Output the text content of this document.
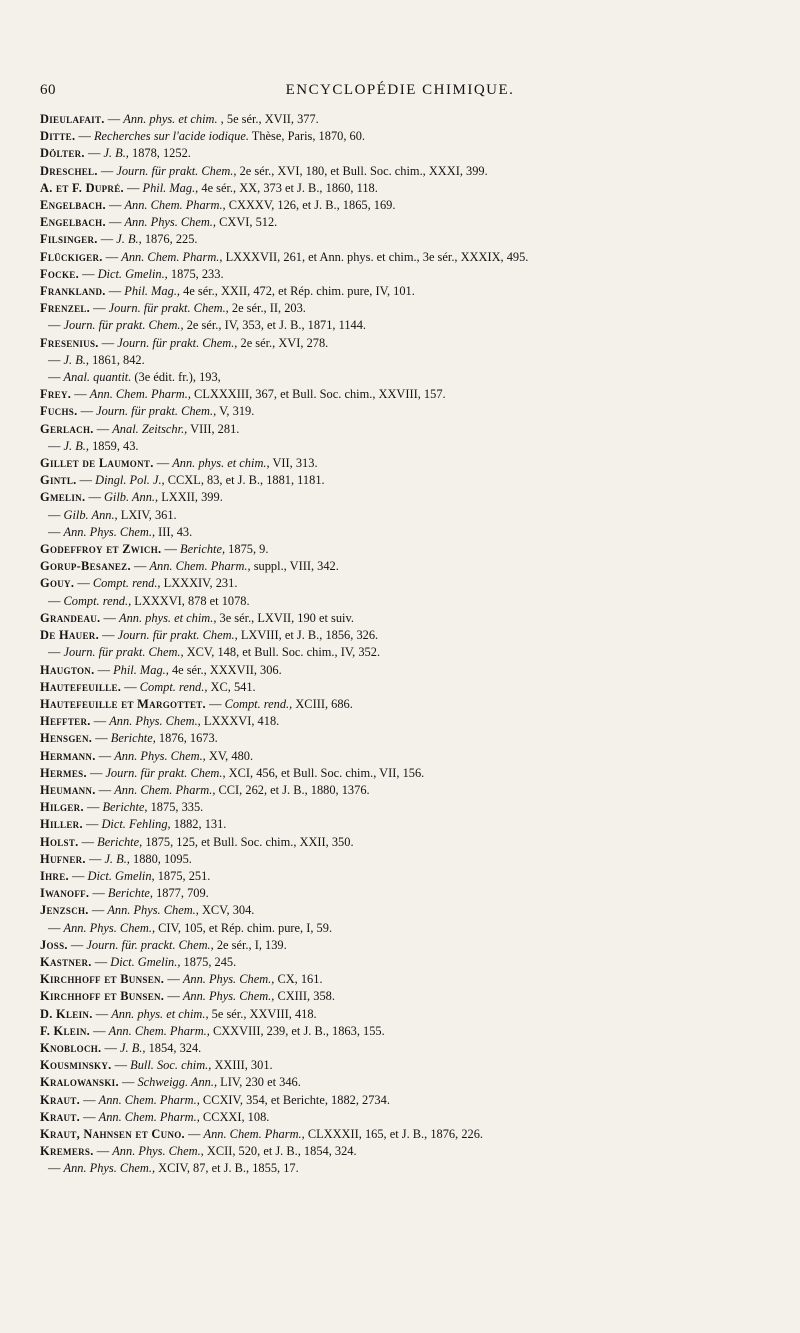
60	ENCYCLOPÉDIE CHIMIQUE.
Dieulafait. — Ann. phys. et chim. , 5e sér., XVII, 377.
Ditte. — Recherches sur l'acide iodique. Thèse, Paris, 1870, 60.
Dölter. — J. B., 1878, 1252.
Dreschel. — Journ. für prakt. Chem., 2e sér., XVI, 180, et Bull. Soc. chim., XXXI, 399.
A. et F. Dupré. — Phil. Mag., 4e sér., XX, 373 et J. B., 1860, 118.
Engelbach. — Ann. Chem. Pharm., CXXXV, 126, et J. B., 1865, 169.
Engelbach. — Ann. Phys. Chem., CXVI, 512.
Filsinger. — J. B., 1876, 225.
Flückiger. — Ann. Chem. Pharm., LXXXVII, 261, et Ann. phys. et chim., 3e sér., XXXIX, 495.
Focke. — Dict. Gmelin., 1875, 233.
Frankland. — Phil. Mag., 4e sér., XXII, 472, et Rép. chim. pure, IV, 101.
Frenzel. — Journ. für prakt. Chem., 2e sér., II, 203.
— Journ. für prakt. Chem., 2e sér., IV, 353, et J. B., 1871, 1144.
Fresenius. — Journ. für prakt. Chem., 2e sér., XVI, 278.
— J. B., 1861, 842.
— Anal. quantit. (3e édit. fr.), 193,
Frey. — Ann. Chem. Pharm., CLXXXIII, 367, et Bull. Soc. chim., XXVIII, 157.
Fuchs. — Journ. für prakt. Chem., V, 319.
Gerlach. — Anal. Zeitschr., VIII, 281.
— J. B., 1859, 43.
Gillet de Laumont. — Ann. phys. et chim., VII, 313.
Gintl. — Dingl. Pol. J., CCXL, 83, et J. B., 1881, 1181.
Gmelin. — Gilb. Ann., LXXII, 399.
— Gilb. Ann., LXIV, 361.
— Ann. Phys. Chem., III, 43.
Godeffroy et Zwich. — Berichte, 1875, 9.
Gorup-Besanez. — Ann. Chem. Pharm., suppl., VIII, 342.
Gouy. — Compt. rend., LXXXIV, 231.
— Compt. rend., LXXXVI, 878 et 1078.
Grandeau. — Ann. phys. et chim., 3e sér., LXVII, 190 et suiv.
De Hauer. — Journ. für prakt. Chem., LXVIII, et J. B., 1856, 326.
— Journ. für prakt. Chem., XCV, 148, et Bull. Soc. chim., IV, 352.
Haugton. — Phil. Mag., 4e sér., XXXVII, 306.
Hautefeuille. — Compt. rend., XC, 541.
Hautefeuille et Margottet. — Compt. rend., XCIII, 686.
Heffter. — Ann. Phys. Chem., LXXXVI, 418.
Hensgen. — Berichte, 1876, 1673.
Hermann. — Ann. Phys. Chem., XV, 480.
Hermes. — Journ. für prakt. Chem., XCI, 456, et Bull. Soc. chim., VII, 156.
Heumann. — Ann. Chem. Pharm., CCI, 262, et J. B., 1880, 1376.
Hilger. — Berichte, 1875, 335.
Hiller. — Dict. Fehling, 1882, 131.
Holst. — Berichte, 1875, 125, et Bull. Soc. chim., XXII, 350.
Hufner. — J. B., 1880, 1095.
Ihre. — Dict. Gmelin, 1875, 251.
Iwanoff. — Berichte, 1877, 709.
Jenzsch. — Ann. Phys. Chem., XCV, 304.
— Ann. Phys. Chem., CIV, 105, et Rép. chim. pure, I, 59.
Joss. — Journ. für. prackt. Chem., 2e sér., I, 139.
Kastner. — Dict. Gmelin., 1875, 245.
Kirchhoff et Bunsen. — Ann. Phys. Chem., CX, 161.
Kirchhoff et Bunsen. — Ann. Phys. Chem., CXIII, 358.
D. Klein. — Ann. phys. et chim., 5e sér., XXVIII, 418.
F. Klein. — Ann. Chem. Pharm., CXXVIII, 239, et J. B., 1863, 155.
Knobloch. — J. B., 1854, 324.
Kousminsky. — Bull. Soc. chim., XXIII, 301.
Kralowanski. — Schweigg. Ann., LIV, 230 et 346.
Kraut. — Ann. Chem. Pharm., CCXIV, 354, et Berichte, 1882, 2734.
Kraut. — Ann. Chem. Pharm., CCXXI, 108.
Kraut, Nahnsen et Cuno. — Ann. Chem. Pharm., CLXXXII, 165, et J. B., 1876, 226.
Kremers. — Ann. Phys. Chem., XCII, 520, et J. B., 1854, 324.
— Ann. Phys. Chem., XCIV, 87, et J. B., 1855, 17.
